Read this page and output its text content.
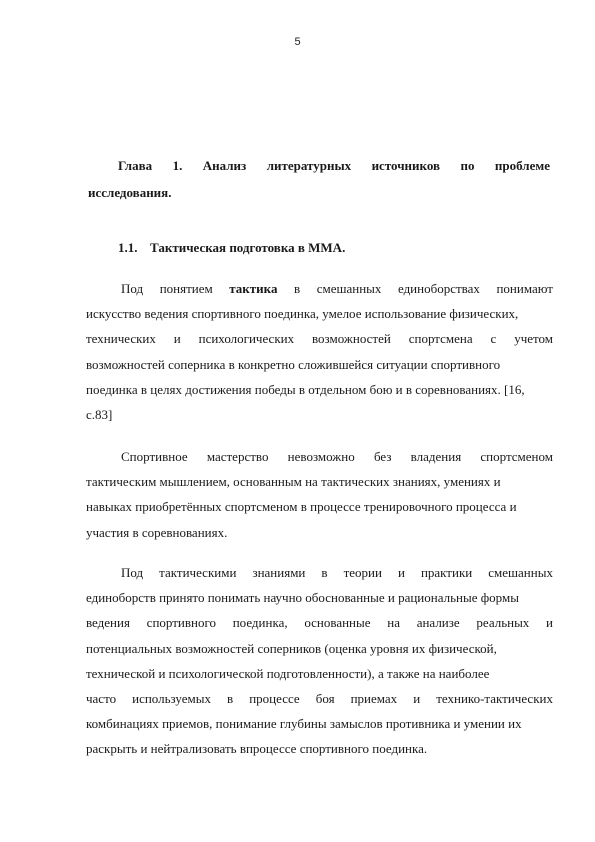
5
Глава 1. Анализ литературных источников по проблеме
исследования.
1.1. Тактическая подготовка в ММА.
Под понятием тактика в смешанных единоборствах понимают
искусство ведения спортивного поединка, умелое использование физических,
технических и психологических возможностей спортсмена с учетом
возможностей соперника в конкретно сложившейся ситуации спортивного
поединка в целях достижения победы в отдельном бою и в соревнованиях. [16,
с.83]
Спортивное мастерство невозможно без владения спортсменом
тактическим мышлением, основанным на тактических знаниях, умениях и
навыках приобретённых спортсменом в процессе тренировочного процесса и
участия в соревнованиях.
Под тактическими знаниями в теории и практики смешанных
единоборств принято понимать научно обоснованные и рациональные формы
ведения спортивного поединка, основанные на анализе реальных и
потенциальных возможностей соперников (оценка уровня их физической,
технической и психологической подготовленности), а также на наиболее
часто используемых в процессе боя приемах и технико-тактических
комбинациях приемов, понимание глубины замыслов противника и умении их
раскрыть и нейтрализовать впроцессе спортивного поединка.
